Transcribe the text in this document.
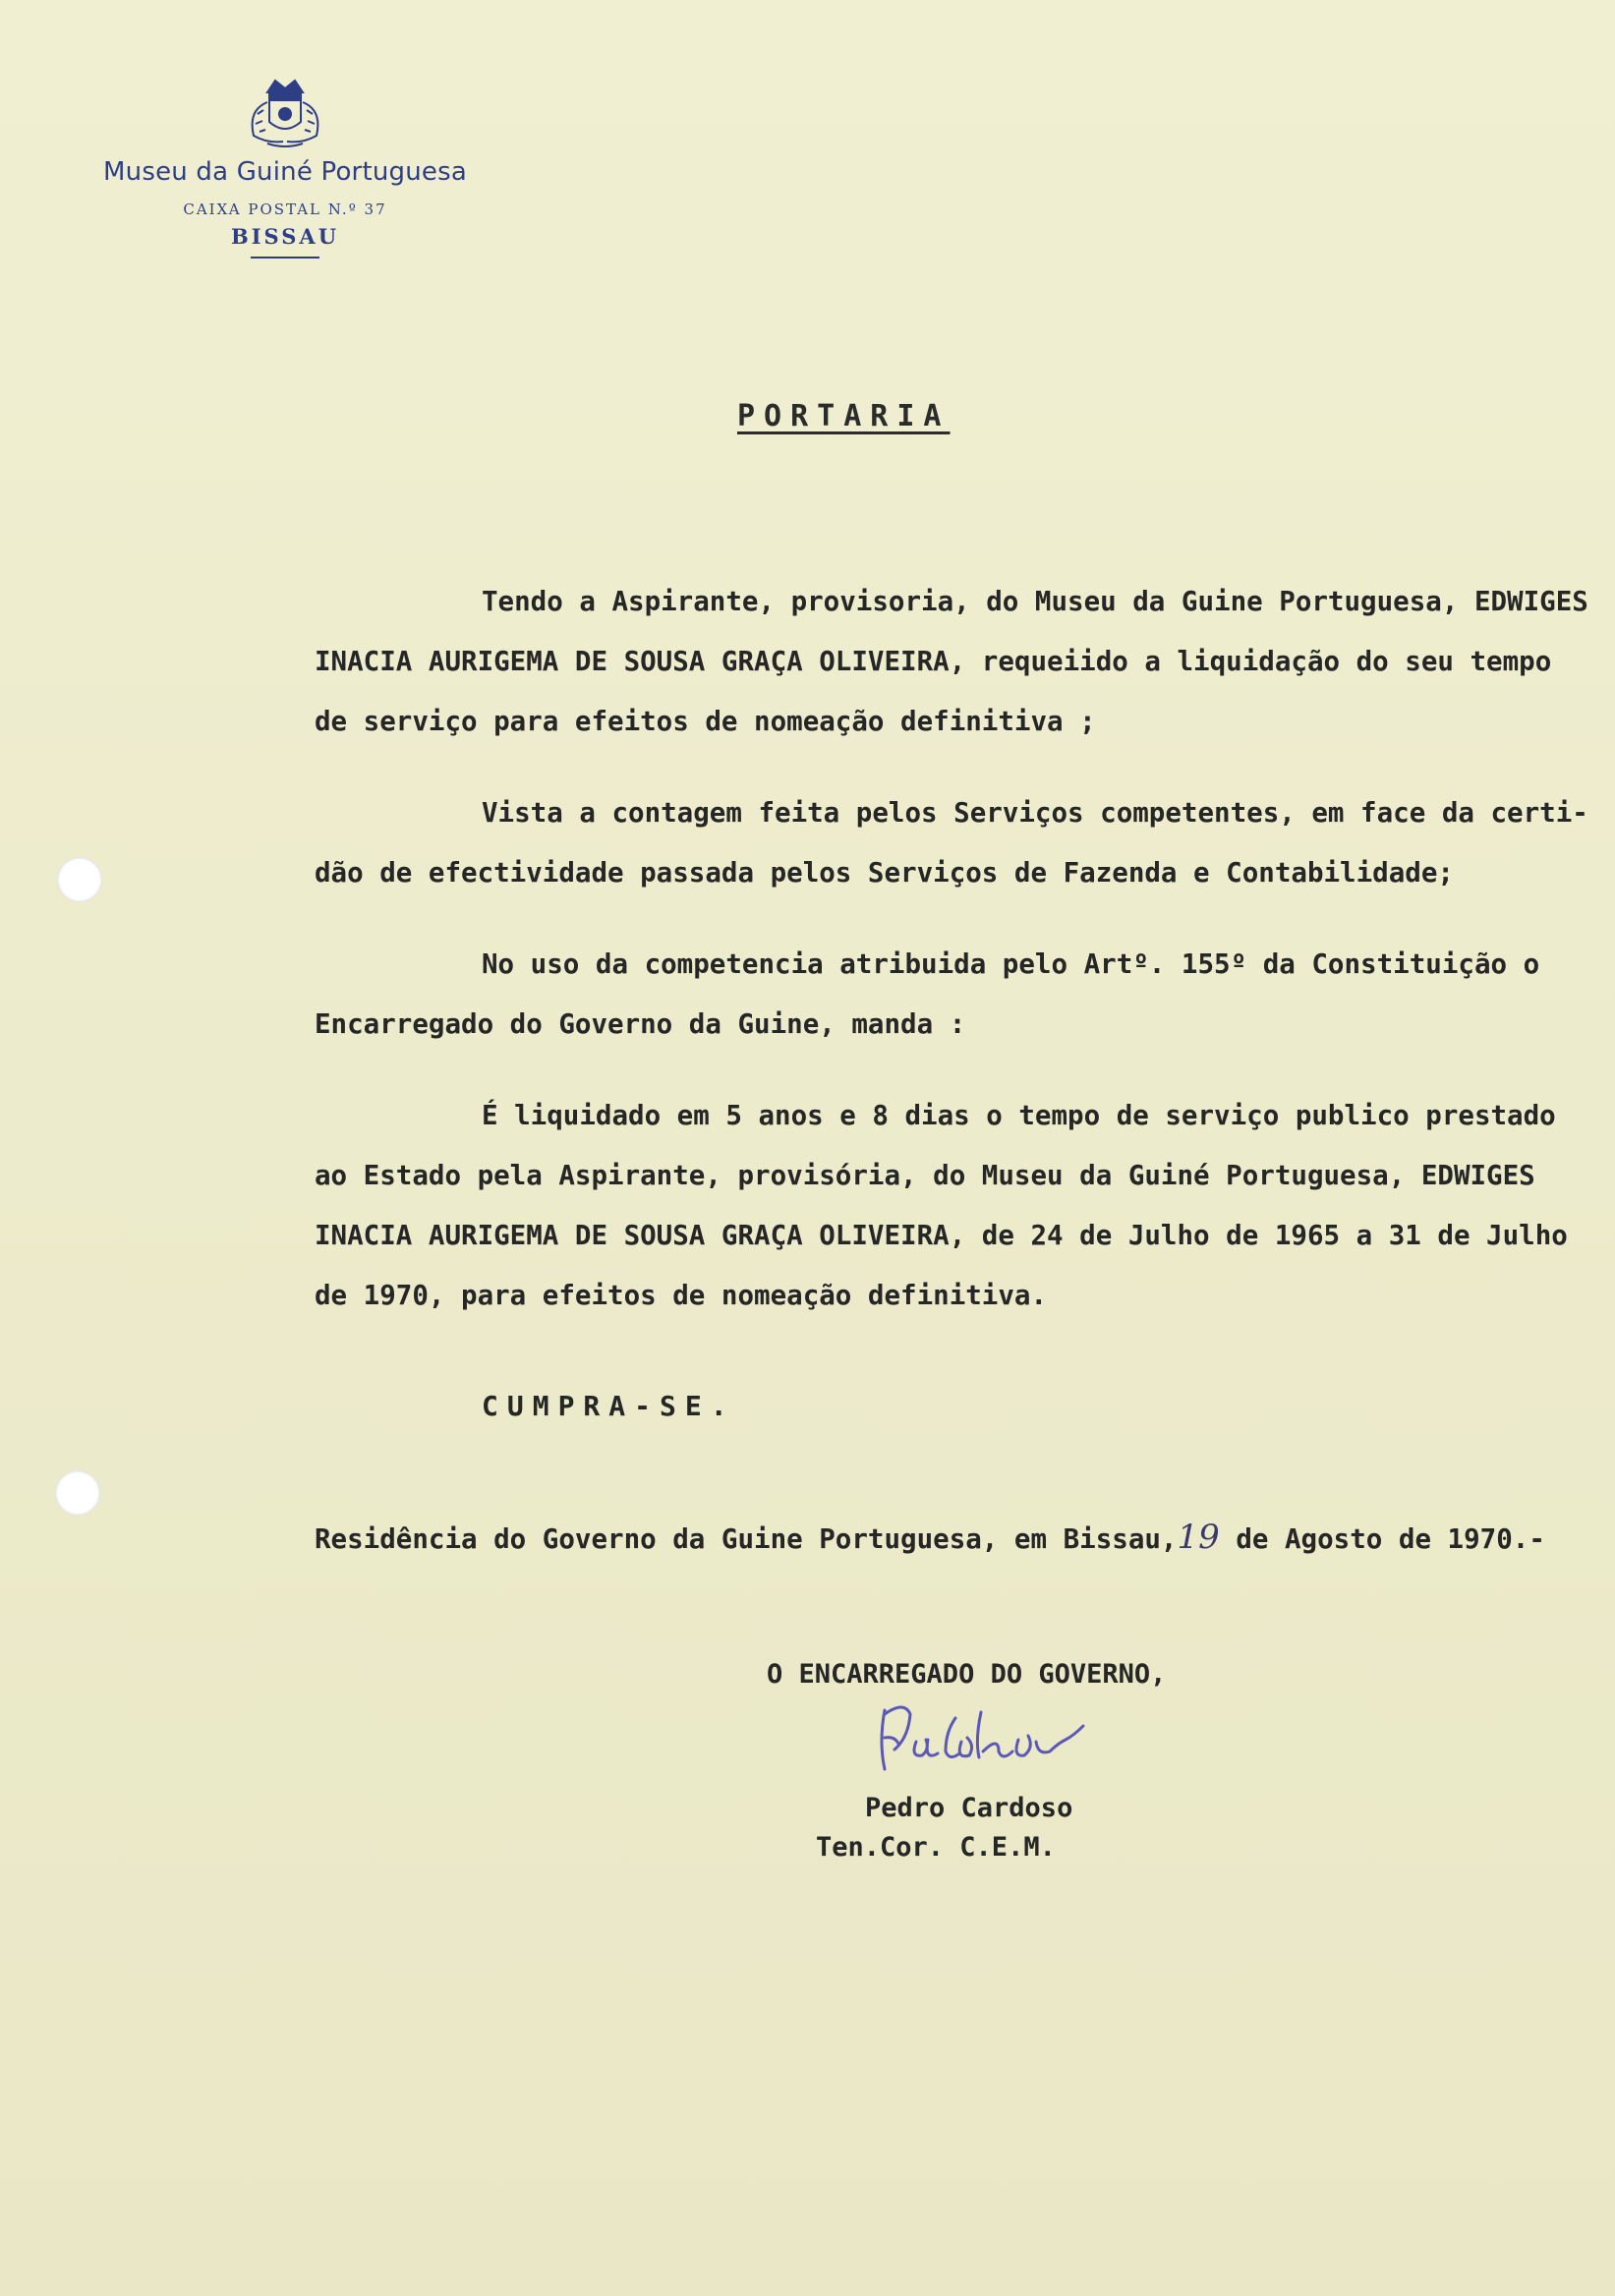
Museu da Guiné Portuguesa
CAIXA POSTAL N.º 37
BISSAU
PORTARIA
Tendo a Aspirante, provisoria, do Museu da Guine Portuguesa, EDWIGES
INACIA AURIGEMA DE SOUSA GRAÇA OLIVEIRA, requeiido a liquidação do seu tempo
de serviço para efeitos de nomeação definitiva ;
Vista a contagem feita pelos Serviços competentes, em face da certi-
dão de efectividade passada pelos Serviços de Fazenda e Contabilidade;
No uso da competencia atribuida pelo Artº. 155º da Constituição o
Encarregado do Governo da Guine, manda :
É liquidado em 5 anos e 8 dias o tempo de serviço publico prestado
ao Estado pela Aspirante, provisória, do Museu da Guiné Portuguesa, EDWIGES
INACIA AURIGEMA DE SOUSA GRAÇA OLIVEIRA, de 24 de Julho de 1965 a 31 de Julho
de 1970, para efeitos de nomeação definitiva.
CUMPRA-SE.
Residência do Governo da Guine Portuguesa, em Bissau,19 de Agosto de 1970.-
O ENCARREGADO DO GOVERNO,
Pedro Cardoso
Ten.Cor. C.E.M.
